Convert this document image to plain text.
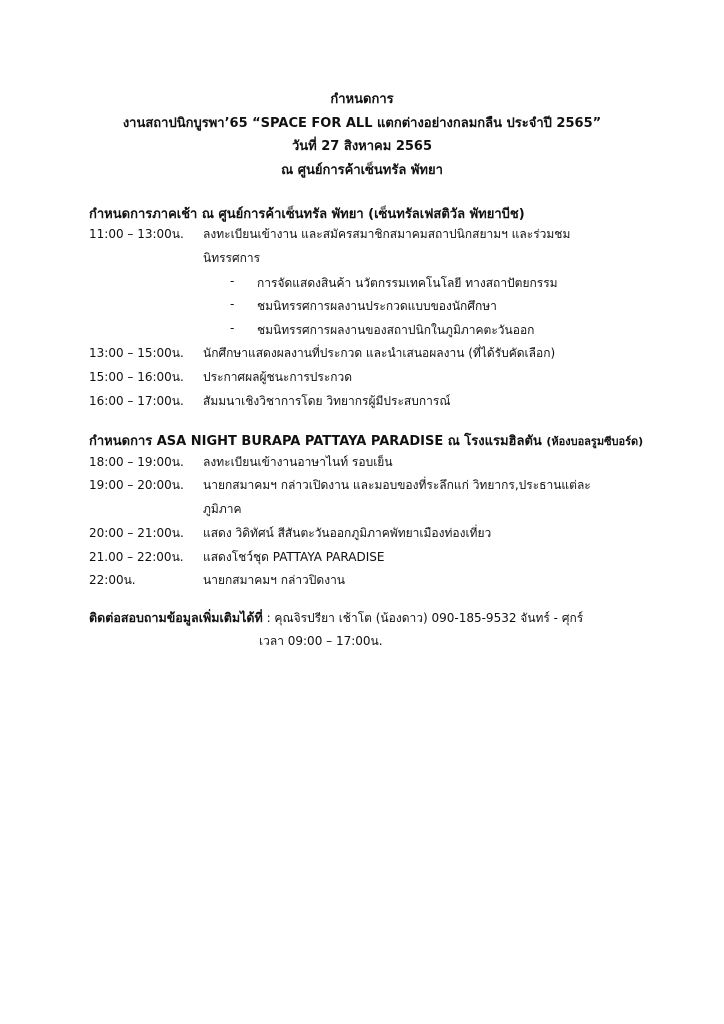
กำหนดการ
งานสถาปนิกบูรพา’65 “SPACE FOR ALL แตกต่างอย่างกลมกลืน ประจำปี 2565”
วันที่ 27 สิงหาคม 2565
ณ ศูนย์การค้าเซ็นทรัล พัทยา
กำหนดการภาคเช้า ณ ศูนย์การค้าเซ็นทรัล พัทยา (เซ็นทรัลเฟสติวัล พัทยาบีช)
11:00 – 13:00น.	ลงทะเบียนเข้างาน และสมัครสมาชิกสมาคมสถาปนิกสยามฯ และร่วมชม
นิทรรศการ
- การจัดแสดงสินค้า นวัตกรรมเทคโนโลยี ทางสถาปัตยกรรม
- ชมนิทรรศการผลงานประกวดแบบของนักศึกษา
- ชมนิทรรศการผลงานของสถาปนิกในภูมิภาคตะวันออก
13:00 – 15:00น.	นักศึกษาแสดงผลงานที่ประกวด และนำเสนอผลงาน (ที่ได้รับคัดเลือก)
15:00 – 16:00น.	ประกาศผลผู้ชนะการประกวด
16:00 – 17:00น.	สัมมนาเชิงวิชาการโดย วิทยากรผู้มีประสบการณ์
กำหนดการ ASA NIGHT BURAPA PATTAYA PARADISE ณ โรงแรมฮิลตัน (ห้องบอลรูมซีบอร์ด)
18:00 – 19:00น.	ลงทะเบียนเข้างานอาษาไนท์ รอบเย็น
19:00 – 20:00น.	นายกสมาคมฯ กล่าวเปิดงาน และมอบของที่ระลึกแก่ วิทยากร,ประธานแต่ละ
ภูมิภาค
20:00 – 21:00น.	แสดง วิดิทัศน์ สีสันตะวันออกภูมิภาคพัทยาเมืองท่องเที่ยว
21.00 – 22:00น.	แสดงโชว์ชุด PATTAYA PARADISE
22:00น.	นายกสมาคมฯ กล่าวปิดงาน
ติดต่อสอบถามข้อมูลเพิ่มเติมได้ที่ : คุณจิรปรียา เช้าโต (น้องดาว) 090-185-9532 จันทร์ - ศุกร์
เวลา 09:00 – 17:00น.
